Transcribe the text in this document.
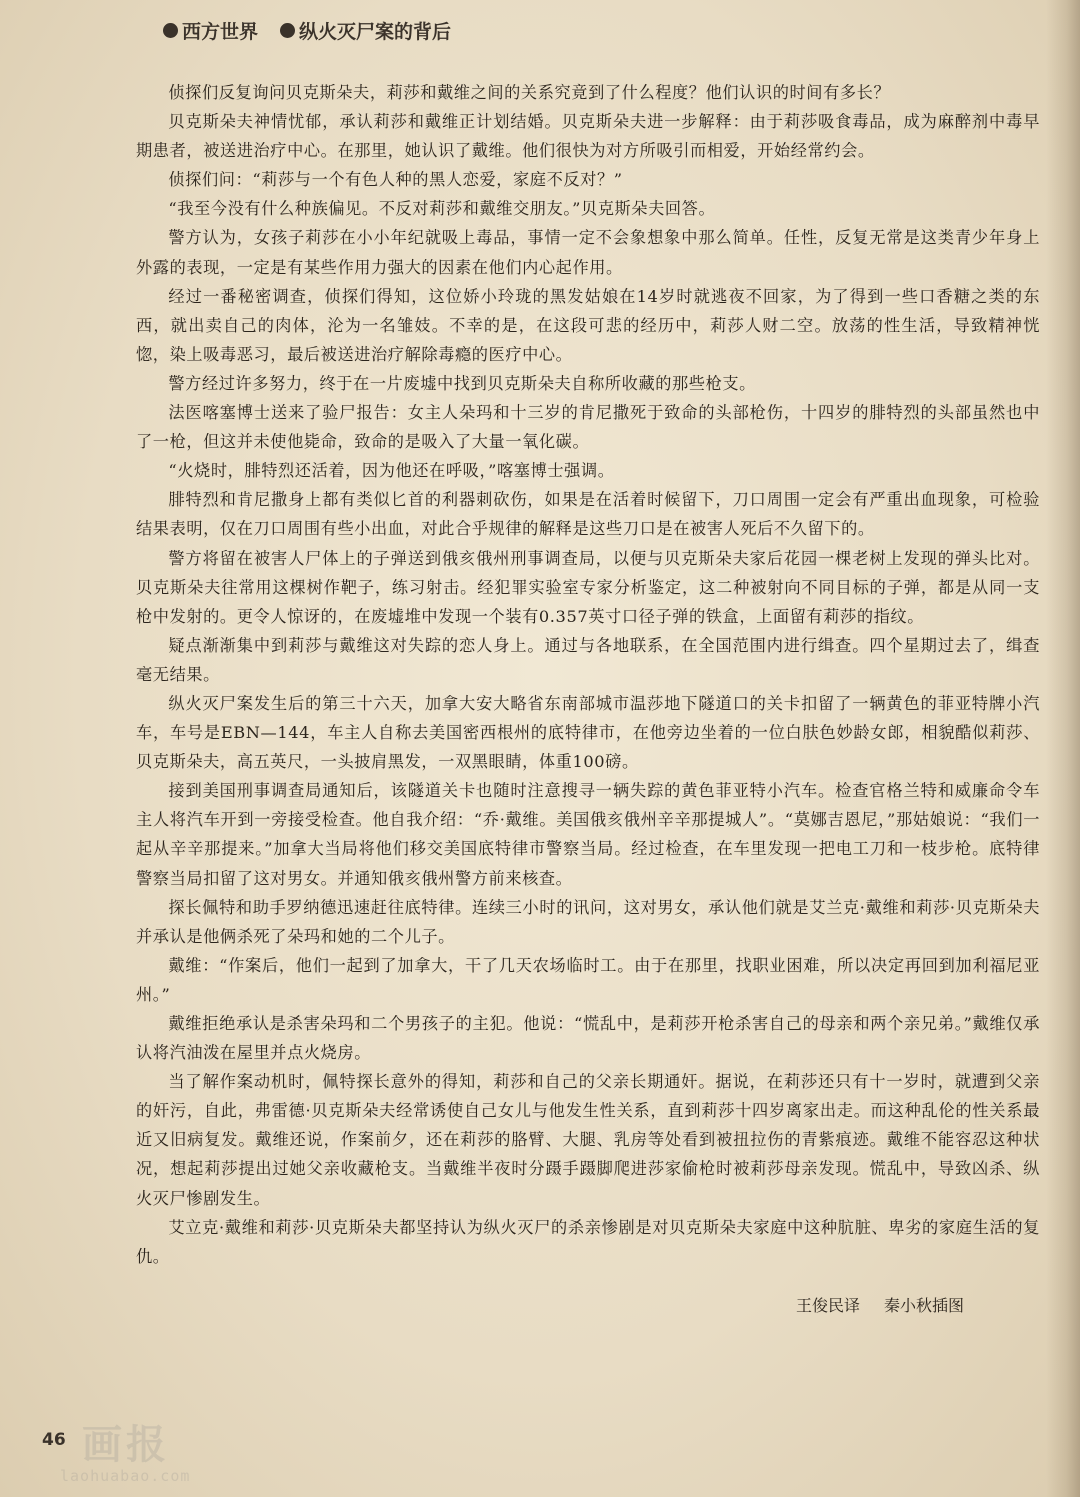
西方世界 纵火灭尸案的背后

侦探们反复询问贝克斯朵夫，莉莎和戴维之间的关系究竟到了什么程度？他们认识的时间有多长？

贝克斯朵夫神情忧郁，承认莉莎和戴维正计划结婚。贝克斯朵夫进一步解释：由于莉莎吸食毒品，成为麻醉剂中毒早期患者，被送进治疗中心。在那里，她认识了戴维。他们很快为对方所吸引而相爱，开始经常约会。

侦探们问：“莉莎与一个有色人种的黑人恋爱，家庭不反对？”

“我至今没有什么种族偏见。不反对莉莎和戴维交朋友。”贝克斯朵夫回答。

警方认为，女孩子莉莎在小小年纪就吸上毒品，事情一定不会象想象中那么简单。任性，反复无常是这类青少年身上外露的表现，一定是有某些作用力强大的因素在他们内心起作用。

经过一番秘密调查，侦探们得知，这位娇小玲珑的黑发姑娘在14岁时就逃夜不回家，为了得到一些口香糖之类的东西，就出卖自己的肉体，沦为一名雏妓。不幸的是，在这段可悲的经历中，莉莎人财二空。放荡的性生活，导致精神恍惚，染上吸毒恶习，最后被送进治疗解除毒瘾的医疗中心。

警方经过许多努力，终于在一片废墟中找到贝克斯朵夫自称所收藏的那些枪支。

法医喀塞博士送来了验尸报告：女主人朵玛和十三岁的肯尼撒死于致命的头部枪伤，十四岁的腓特烈的头部虽然也中了一枪，但这并未使他毙命，致命的是吸入了大量一氧化碳。

“火烧时，腓特烈还活着，因为他还在呼吸，”喀塞博士强调。

腓特烈和肯尼撒身上都有类似匕首的利器刺砍伤，如果是在活着时候留下，刀口周围一定会有严重出血现象，可检验结果表明，仅在刀口周围有些小出血，对此合乎规律的解释是这些刀口是在被害人死后不久留下的。

警方将留在被害人尸体上的子弹送到俄亥俄州刑事调查局，以便与贝克斯朵夫家后花园一棵老树上发现的弹头比对。贝克斯朵夫往常用这棵树作靶子，练习射击。经犯罪实验室专家分析鉴定，这二种被射向不同目标的子弹，都是从同一支枪中发射的。更令人惊讶的，在废墟堆中发现一个装有0.357英寸口径子弹的铁盒，上面留有莉莎的指纹。

疑点渐渐集中到莉莎与戴维这对失踪的恋人身上。通过与各地联系，在全国范围内进行缉查。四个星期过去了，缉查毫无结果。

纵火灭尸案发生后的第三十六天，加拿大安大略省东南部城市温莎地下隧道口的关卡扣留了一辆黄色的菲亚特牌小汽车，车号是EBN—144，车主人自称去美国密西根州的底特律市，在他旁边坐着的一位白肤色妙龄女郎，相貌酷似莉莎、贝克斯朵夫，高五英尺，一头披肩黑发，一双黑眼睛，体重100磅。

接到美国刑事调查局通知后，该隧道关卡也随时注意搜寻一辆失踪的黄色菲亚特小汽车。检查官格兰特和威廉命令车主人将汽车开到一旁接受检查。他自我介绍：“乔·戴维。美国俄亥俄州辛辛那提城人”。“莫娜吉恩尼，”那姑娘说：“我们一起从辛辛那提来。”加拿大当局将他们移交美国底特律市警察当局。经过检查，在车里发现一把电工刀和一枝步枪。底特律警察当局扣留了这对男女。并通知俄亥俄州警方前来核查。

探长佩特和助手罗纳德迅速赶往底特律。连续三小时的讯问，这对男女，承认他们就是艾兰克·戴维和莉莎·贝克斯朵夫并承认是他俩杀死了朵玛和她的二个儿子。

戴维：“作案后，他们一起到了加拿大，干了几天农场临时工。由于在那里，找职业困难，所以决定再回到加利福尼亚州。”

戴维拒绝承认是杀害朵玛和二个男孩子的主犯。他说：“慌乱中，是莉莎开枪杀害自己的母亲和两个亲兄弟。”戴维仅承认将汽油泼在屋里并点火烧房。

当了解作案动机时，佩特探长意外的得知，莉莎和自己的父亲长期通奸。据说，在莉莎还只有十一岁时，就遭到父亲的奸污，自此，弗雷德·贝克斯朵夫经常诱使自己女儿与他发生性关系，直到莉莎十四岁离家出走。而这种乱伦的性关系最近又旧病复发。戴维还说，作案前夕，还在莉莎的胳臂、大腿、乳房等处看到被扭拉伤的青紫痕迹。戴维不能容忍这种状况，想起莉莎提出过她父亲收藏枪支。当戴维半夜时分蹑手蹑脚爬进莎家偷枪时被莉莎母亲发现。慌乱中，导致凶杀、纵火灭尸惨剧发生。

艾立克·戴维和莉莎·贝克斯朵夫都坚持认为纵火灭尸的杀亲惨剧是对贝克斯朵夫家庭中这种肮脏、卑劣的家庭生活的复仇。

王俊民译 秦小秋插图
46 画报
laohuabao.com
